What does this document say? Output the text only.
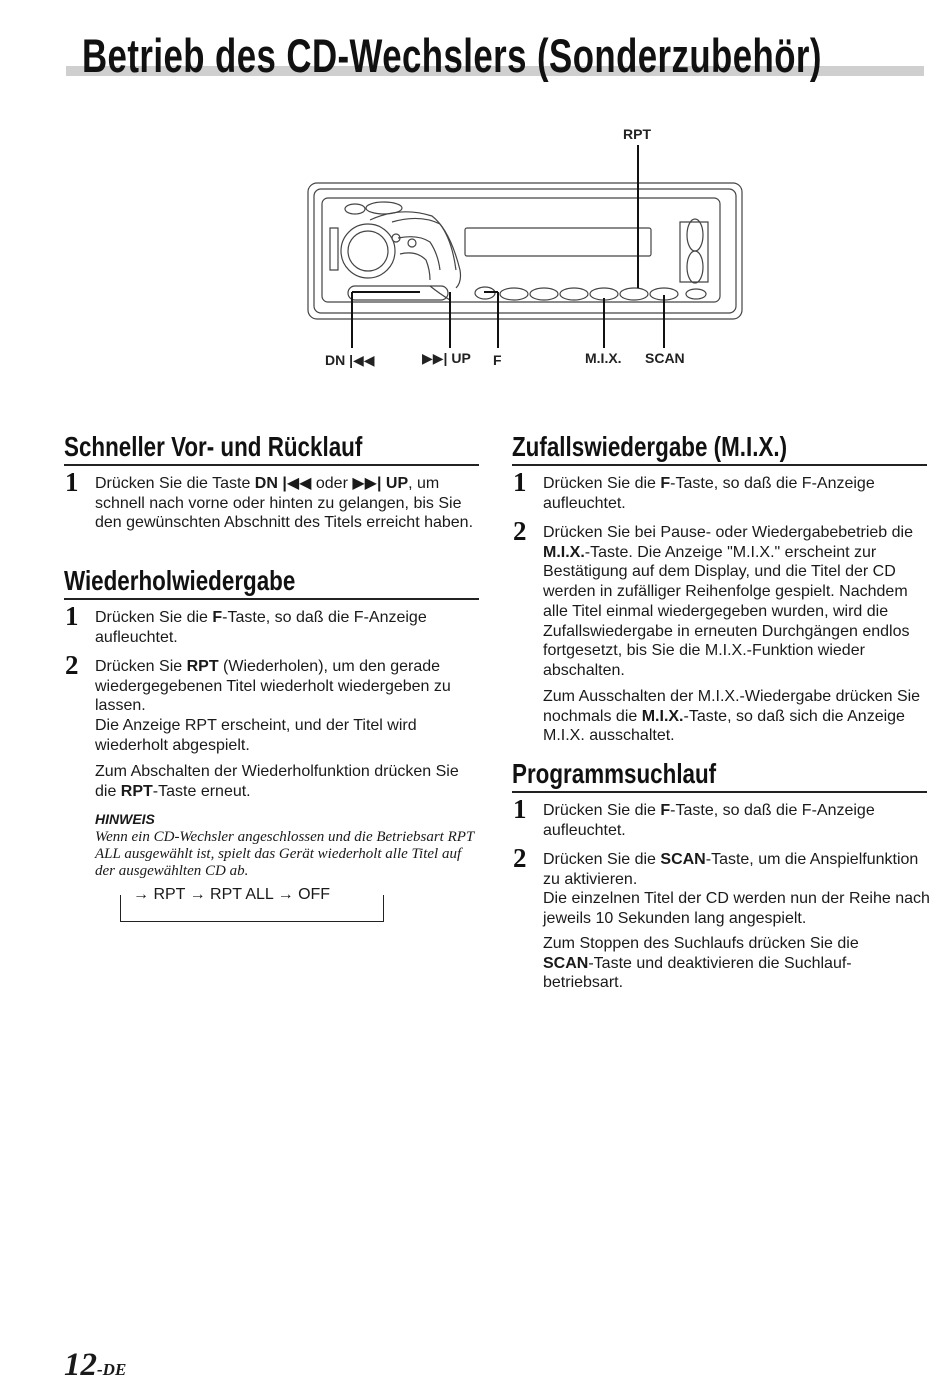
Betrieb des CD-Wechslers (Sonderzubehör)
RPT
DN |◀◀	▶▶| UP F	M.I.X. SCAN
Schneller Vor- und Rücklauf
1 Drücken Sie die Taste DN |◀◀ oder ▶▶| UP, um schnell nach vorne oder hinten zu gelangen, bis Sie den gewünschten Abschnitt des Titels erreicht haben.

Wiederholwiedergabe
1 Drücken Sie die F-Taste, so daß die F-Anzeige aufleuchtet.

2 Drücken Sie RPT (Wiederholen), um den gerade wiedergegebenen Titel wiederholt wiedergeben zu lassen.
Die Anzeige RPT erscheint, und der Titel wird wiederholt abgespielt.

Zum Abschalten der Wiederholfunktion drücken Sie die RPT-Taste erneut.

HINWEIS

Wenn ein CD-Wechsler angeschlossen und die Betriebsart RPT ALL ausgewählt ist, spielt das Gerät wiederholt alle Titel auf der ausgewählten CD ab.

→ RPT → RPT ALL → OFF
Zufallswiedergabe (M.I.X.)
1 Drücken Sie die F-Taste, so daß die F-Anzeige aufleuchtet.

2 Drücken Sie bei Pause- oder Wiedergabebetrieb die M.I.X.-Taste. Die Anzeige "M.I.X." erscheint zur Bestätigung auf dem Display, und die Titel der CD werden in zufälliger Reihenfolge gespielt. Nachdem alle Titel einmal wiedergegeben wurden, wird die Zufallswiedergabe in erneuten Durchgängen endlos fortgesetzt, bis Sie die M.I.X.-Funktion wieder abschalten.

Zum Ausschalten der M.I.X.-Wiedergabe drücken Sie nochmals die M.I.X.-Taste, so daß sich die Anzeige M.I.X. ausschaltet.

Programmsuchlauf
1 Drücken Sie die F-Taste, so daß die F-Anzeige aufleuchtet.

2 Drücken Sie die SCAN-Taste, um die Anspielfunktion zu aktivieren.
Die einzelnen Titel der CD werden nun der Reihe nach jeweils 10 Sekunden lang angespielt.

Zum Stoppen des Suchlaufs drücken Sie die SCAN-Taste und deaktivieren die Suchlauf-betriebsart.

12-DE
